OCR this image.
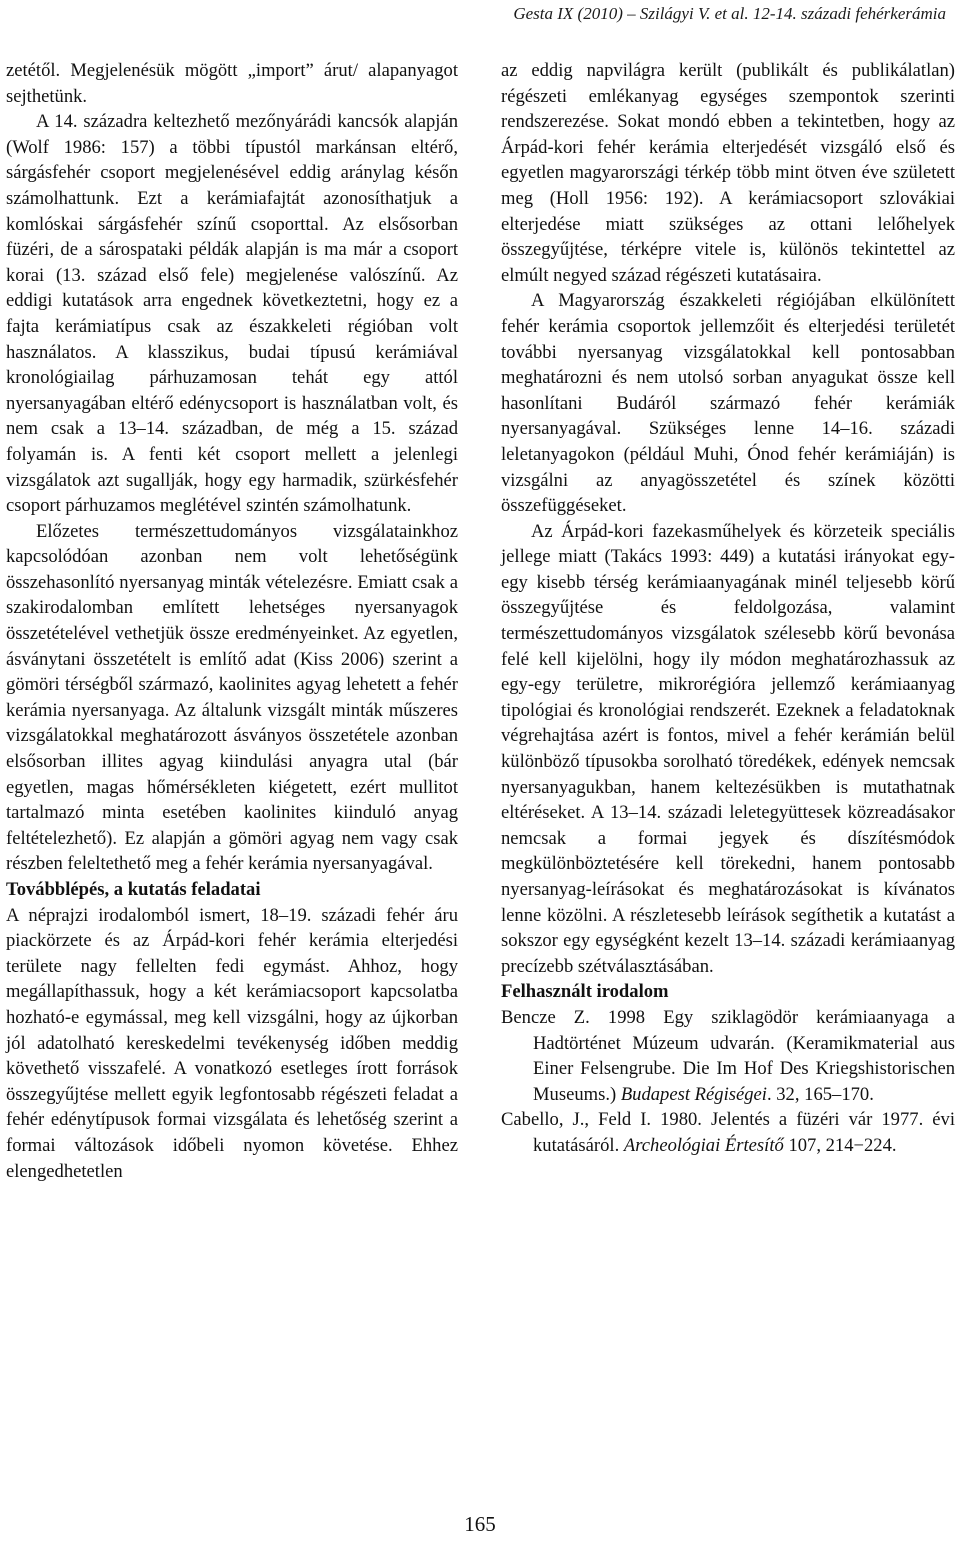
Gesta IX (2010) – Szilágyi V. et al. 12-14. századi fehérkerámia

zetétől. Megjelenésük mögött „import” árut/ alapanyagot sejthetünk.

A 14. századra keltezhető mezőnyárádi kancsók alapján (Wolf 1986: 157) a többi típustól markánsan eltérő, sárgásfehér csoport megjelenésével eddig aránylag későn számolhattunk. Ezt a kerámiafajtát azonosíthatjuk a komlóskai sárgásfehér színű csoporttal. Az elsősorban füzéri, de a sárospataki példák alapján is ma már a csoport korai (13. század első fele) megjelenése valószínű. Az eddigi kutatások arra engednek következtetni, hogy ez a fajta kerámiatípus csak az északkeleti régióban volt használatos. A klasszikus, budai típusú kerámiával kronológiailag párhuzamosan tehát egy attól nyersanyagában eltérő edénycsoport is használatban volt, és nem csak a 13–14. században, de még a 15. század folyamán is. A fenti két csoport mellett a jelenlegi vizsgálatok azt sugallják, hogy egy harmadik, szürkésfehér csoport párhuzamos meglétével szintén számolhatunk.

Előzetes természettudományos vizsgálatainkhoz kapcsolódóan azonban nem volt lehetőségünk összehasonlító nyersanyag minták vételezésre. Emiatt csak a szakirodalomban említett lehetséges nyersanyagok összetételével vethetjük össze eredményeinket. Az egyetlen, ásványtani összetételt is említő adat (Kiss 2006) szerint a gömöri térségből származó, kaolinites agyag lehetett a fehér kerámia nyersanyaga. Az általunk vizsgált minták műszeres vizsgálatokkal meghatározott ásványos összetétele azonban elsősorban illites agyag kiindulási anyagra utal (bár egyetlen, magas hőmérsékleten kiégetett, ezért mullitot tartalmazó minta esetében kaolinites kiinduló anyag feltételezhető). Ez alapján a gömöri agyag nem vagy csak részben feleltethető meg a fehér kerámia nyersanyagával.

Továbblépés, a kutatás feladatai

A néprajzi irodalomból ismert, 18–19. századi fehér áru piackörzete és az Árpád-kori fehér kerámia elterjedési területe nagy fellelten fedi egymást. Ahhoz, hogy megállapíthassuk, hogy a két kerámiacsoport kapcsolatba hozható-e egymással, meg kell vizsgálni, hogy az újkorban jól adatolható kereskedelmi tevékenység időben meddig követhető visszafelé. A vonatkozó esetleges írott források összegyűjtése mellett egyik legfontosabb régészeti feladat a fehér edénytípusok formai vizsgálata és lehetőség szerint a formai változások időbeli nyomon követése. Ehhez elengedhetetlen

az eddig napvilágra került (publikált és publikálatlan) régészeti emlékanyag egységes szempontok szerinti rendszerezése. Sokat mondó ebben a tekintetben, hogy az Árpád-kori fehér kerámia elterjedését vizsgáló első és egyetlen magyarországi térkép több mint ötven éve született meg (Holl 1956: 192). A kerámiacsoport szlovákiai elterjedése miatt szükséges az ottani lelőhelyek összegyűjtése, térképre vitele is, különös tekintettel az elmúlt negyed század régészeti kutatásaira.

A Magyarország északkeleti régiójában elkülönített fehér kerámia csoportok jellemzőit és elterjedési területét további nyersanyag vizsgálatokkal kell pontosabban meghatározni és nem utolsó sorban anyagukat össze kell hasonlítani Budáról származó fehér kerámiák nyersanyagával. Szükséges lenne 14–16. századi leletanyagokon (például Muhi, Ónod fehér kerámiáján) is vizsgálni az anyagösszetétel és színek közötti összefüggéseket.

Az Árpád-kori fazekasműhelyek és körzeteik speciális jellege miatt (Takács 1993: 449) a kutatási irányokat egy-egy kisebb térség kerámiaanyagának minél teljesebb körű összegyűjtése és feldolgozása, valamint természettudományos vizsgálatok szélesebb körű bevonása felé kell kijelölni, hogy ily módon meghatározhassuk az egy-egy területre, mikrorégióra jellemző kerámiaanyag tipológiai és kronológiai rendszerét. Ezeknek a feladatoknak végrehajtása azért is fontos, mivel a fehér kerámián belül különböző típusokba sorolható töredékek, edények nemcsak nyersanyagukban, hanem keltezésükben is mutathatnak eltéréseket. A 13–14. századi leletegyüttesek közreadásakor nemcsak a formai jegyek és díszítésmódok megkülönböztetésére kell törekedni, hanem pontosabb nyersanyag-leírásokat és meghatározásokat is kívánatos lenne közölni. A részletesebb leírások segíthetik a kutatást a sokszor egy egységként kezelt 13–14. századi kerámiaanyag precízebb szétválasztásában.

Felhasznált irodalom

Bencze Z. 1998 Egy sziklagödör kerámiaanyaga a Hadtörténet Múzeum udvarán. (Keramikmaterial aus Einer Felsengrube. Die Im Hof Des Kriegshistorischen Museums.) Budapest Régiségei. 32, 165–170.

Cabello, J., Feld I. 1980. Jelentés a füzéri vár 1977. évi kutatásáról. Archeológiai Értesítő 107, 214−224.

165
